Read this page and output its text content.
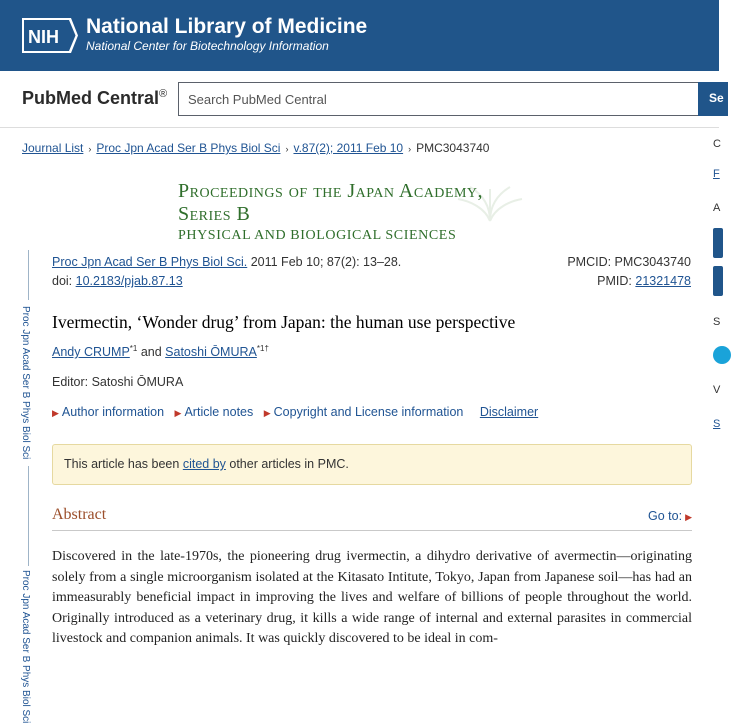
NIH National Library of Medicine
National Center for Biotechnology Information
PubMed Central®
Search PubMed Central	Se
Journal List › Proc Jpn Acad Ser B Phys Biol Sci › v.87(2); 2011 Feb 10 › PMC3043740
Proceedings of the Japan Academy, Series B
PHYSICAL AND BIOLOGICAL SCIENCES
Proc Jpn Acad Ser B Phys Biol Sci
Proc Jpn Acad Ser B Phys Biol Sci
Proc Jpn Acad Ser B Phys Biol Sci. 2011 Feb 10; 87(2): 13–28.
doi: 10.2183/pjab.87.13
PMCID: PMC3043740
PMID: 21321478
Ivermectin, ‘Wonder drug’ from Japan: the human use perspective
Andy CRUMP$^{*1}$ and Satoshi $ŌMURA^{*1\dagger}$
Editor: Satoshi ŌMURA
▶ Author information ▶ Article notes ▶ Copyright and License information Disclaimer
This article has been cited by other articles in PMC.
Abstract	Go to: ▶
Discovered in the late-1970s, the pioneering drug ivermectin, a dihydro derivative of avermectin—originating solely from a single microorganism isolated at the Kitasato Intitute, Tokyo, Japan from Japanese soil—has had an immeasurably beneficial impact in improving the lives and welfare of billions of people throughout the world. Originally introduced as a veterinary drug, it kills a wide range of internal and external parasites in commercial livestock and companion animals. It was quickly discovered to be ideal in com-
C
F
A
S
V
S
